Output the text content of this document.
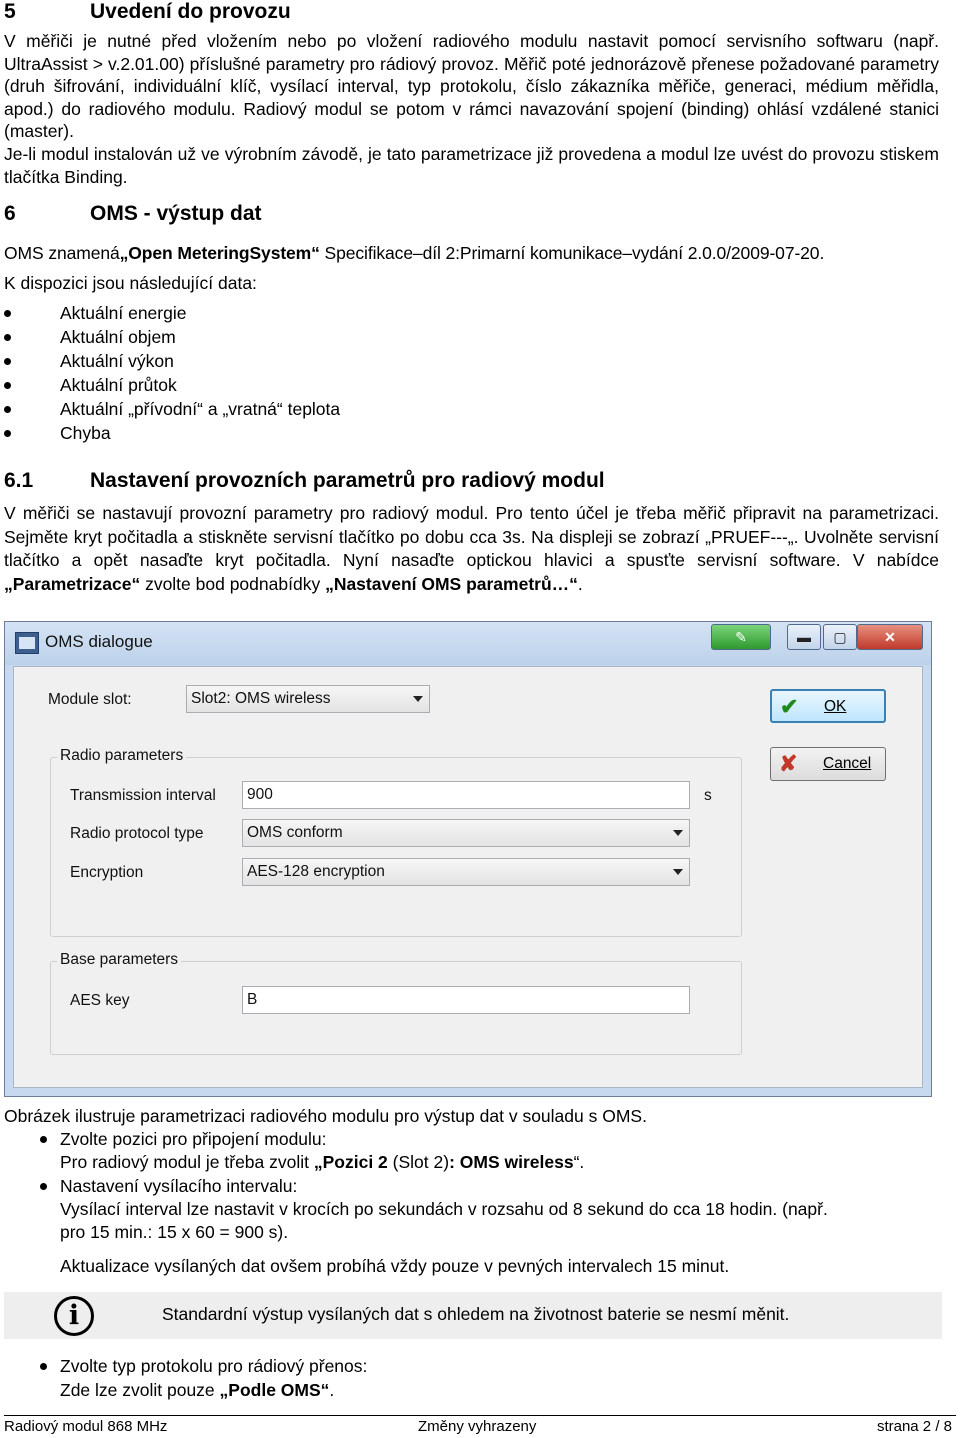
5	Uvedení do provozu
V měřiči je nutné před vložením nebo po vložení radiového modulu nastavit pomocí servisního softwaru (např. UltraAssist > v.2.01.00) příslušné parametry pro rádiový provoz. Měřič poté jednorázově přenese požadované parametry (druh šifrování, individuální klíč, vysílací interval, typ protokolu, číslo zákazníka měřiče, generaci, médium měřidla, apod.) do radiového modulu. Radiový modul se potom v rámci navazování spojení (binding) ohlásí vzdálené stanici (master).
Je-li modul instalován už ve výrobním závodě, je tato parametrizace již provedena a modul lze uvést do provozu stiskem tlačítka Binding.
6	OMS - výstup dat
OMS znamená„Open MeteringSystem“ Specifikace–díl 2:Primarní komunikace–vydání 2.0.0/2009-07-20.
K dispozici jsou následující data:
Aktuální energie
Aktuální objem
Aktuální výkon
Aktuální průtok
Aktuální „přívodní“ a „vratná“ teplota
Chyba
6.1	Nastavení provozních parametrů pro radiový modul
V měřiči se nastavují provozní parametry pro radiový modul. Pro tento účel je třeba měřič připravit na parametrizaci. Sejměte kryt počitadla a stiskněte servisní tlačítko po dobu cca 3s. Na displeji se zobrazí „PRUEF---„. Uvolněte servisní tlačítko a opět nasaďte kryt počitadla. Nyní nasaďte optickou hlavici a spusťte servisní software. V nabídce „Parametrizace“ zvolte bod podnabídky „Nastavení OMS parametrů…“.
OMS dialogue	✎	▬	▢	✕
Module slot:	Slot2: OMS wireless	✔ OK
✘ Cancel
Radio parameters
Transmission interval	900	s
Radio protocol type	OMS conform
Encryption	AES-128 encryption
Base parameters
AES key	B
Obrázek ilustruje parametrizaci radiového modulu pro výstup dat v souladu s OMS.
Zvolte pozici pro připojení modulu:
Pro radiový modul je třeba zvolit „Pozici 2 (Slot 2): OMS wireless“.
Nastavení vysílacího intervalu:
Vysílací interval lze nastavit v krocích po sekundách v rozsahu od 8 sekund do cca 18 hodin. (např.
pro 15 min.: 15 x 60 = 900 s).
Aktualizace vysílaných dat ovšem probíhá vždy pouze v pevných intervalech 15 minut.
i	Standardní výstup vysílaných dat s ohledem na životnost baterie se nesmí měnit.
Zvolte typ protokolu pro rádiový přenos:
Zde lze zvolit pouze „Podle OMS“.
Radiový modul 868 MHz	Změny vyhrazeny	strana 2 / 8
